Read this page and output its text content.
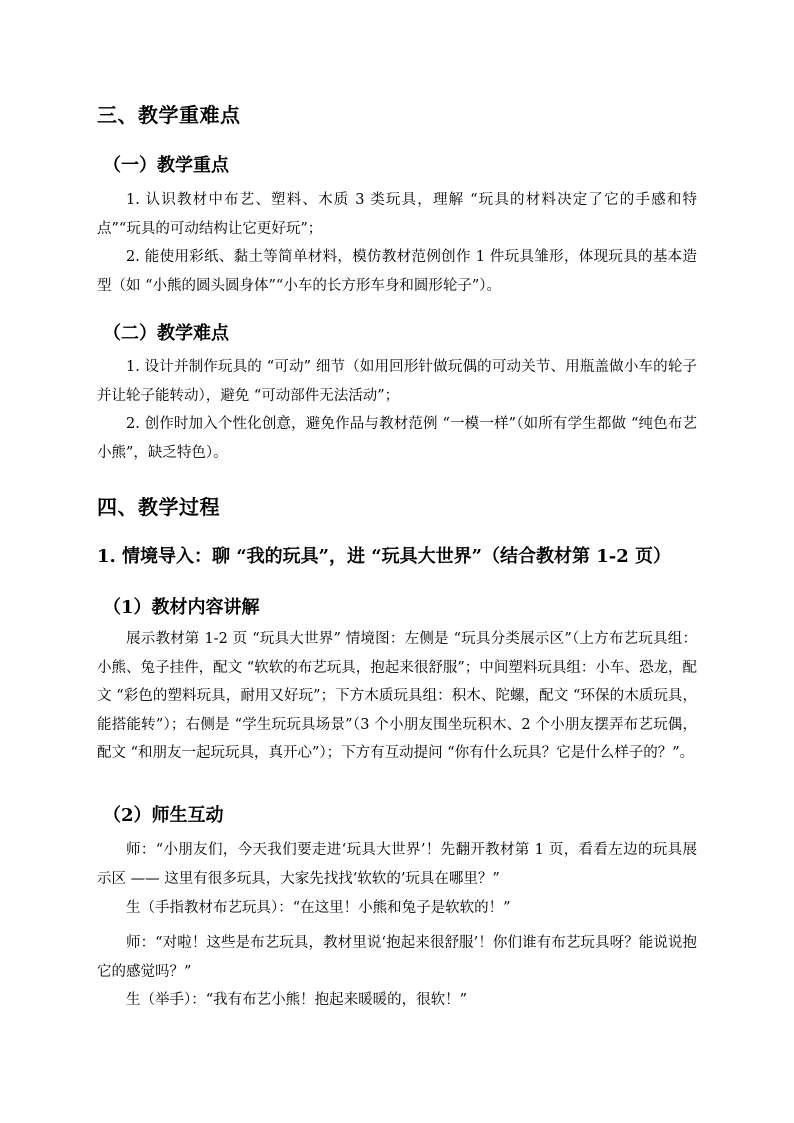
三、教学重难点
（一）教学重点

1. 认识教材中布艺、塑料、木质 3 类玩具，理解 “玩具的材料决定了它的手感和特点”“玩具的可动结构让它更好玩”；

2. 能使用彩纸、黏土等简单材料，模仿教材范例创作 1 件玩具雏形，体现玩具的基本造型（如 “小熊的圆头圆身体”“小车的长方形车身和圆形轮子”）。

（二）教学难点

1. 设计并制作玩具的 “可动” 细节（如用回形针做玩偶的可动关节、用瓶盖做小车的轮子并让轮子能转动），避免 “可动部件无法活动”；

2. 创作时加入个性化创意，避免作品与教材范例 “一模一样”（如所有学生都做 “纯色布艺小熊”，缺乏特色）。

四、教学过程
1. 情境导入：聊 “我的玩具”，进 “玩具大世界”（结合教材第 1-2 页）
（1）教材内容讲解

展示教材第 1-2 页 “玩具大世界” 情境图：左侧是 “玩具分类展示区”（上方布艺玩具组：小熊、兔子挂件，配文 “软软的布艺玩具，抱起来很舒服”；中间塑料玩具组：小车、恐龙，配文 “彩色的塑料玩具，耐用又好玩”；下方木质玩具组：积木、陀螺，配文 “环保的木质玩具，能搭能转”）；右侧是 “学生玩玩具场景”（3 个小朋友围坐玩积木、2 个小朋友摆弄布艺玩偶，配文 “和朋友一起玩玩具，真开心”）；下方有互动提问 “你有什么玩具？它是什么样子的？”。

（2）师生互动

师：“小朋友们，今天我们要走进‘玩具大世界’！先翻开教材第 1 页，看看左边的玩具展示区 —— 这里有很多玩具，大家先找找‘软软的’玩具在哪里？”

生（手指教材布艺玩具）：“在这里！小熊和兔子是软软的！”

师：“对啦！这些是布艺玩具，教材里说‘抱起来很舒服’！你们谁有布艺玩具呀？能说说抱它的感觉吗？”

生（举手）：“我有布艺小熊！抱起来暖暖的，很软！”
